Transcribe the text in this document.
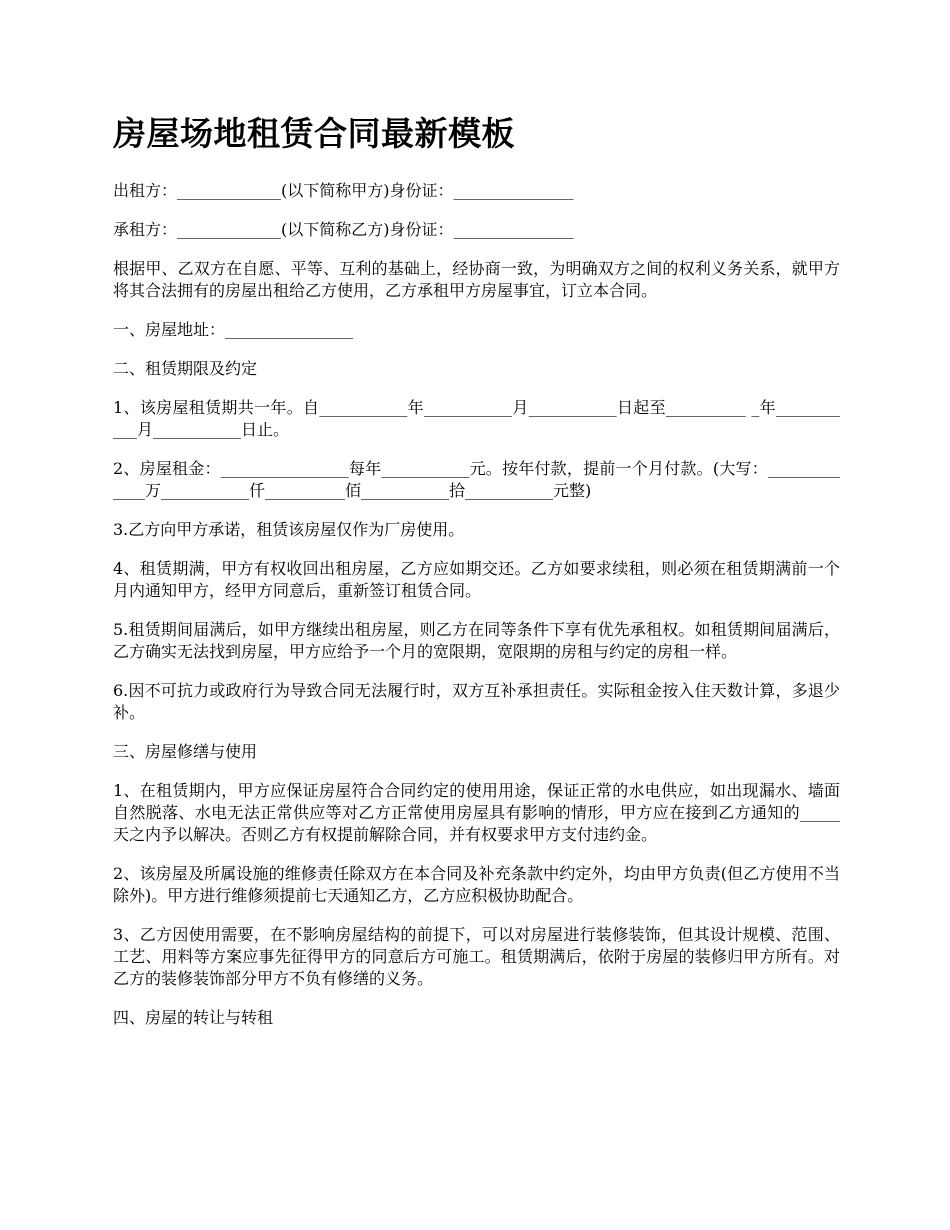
房屋场地租赁合同最新模板

出租方：_____________(以下简称甲方)身份证：_______________

承租方：_____________(以下简称乙方)身份证：_______________

根据甲、乙双方在自愿、平等、互利的基础上，经协商一致，为明确双方之间的权利义务关系，就甲方将其合法拥有的房屋出租给乙方使用，乙方承租甲方房屋事宜，订立本合同。

一、房屋地址：________________

二、租赁期限及约定

1、该房屋租赁期共一年。自___________年___________月___________日起至__________ _年___________月___________日止。

2、房屋租金：________________每年___________元。按年付款，提前一个月付款。(大写：_____________万___________仟__________佰___________拾___________元整)

3.乙方向甲方承诺，租赁该房屋仅作为厂房使用。

4、租赁期满，甲方有权收回出租房屋，乙方应如期交还。乙方如要求续租，则必须在租赁期满前一个月内通知甲方，经甲方同意后，重新签订租赁合同。

5.租赁期间届满后，如甲方继续出租房屋，则乙方在同等条件下享有优先承租权。如租赁期间届满后，乙方确实无法找到房屋，甲方应给予一个月的宽限期，宽限期的房租与约定的房租一样。

6.因不可抗力或政府行为导致合同无法履行时，双方互补承担责任。实际租金按入住天数计算，多退少补。

三、房屋修缮与使用

1、在租赁期内，甲方应保证房屋符合合同约定的使用用途，保证正常的水电供应，如出现漏水、墙面自然脱落、水电无法正常供应等对乙方正常使用房屋具有影响的情形，甲方应在接到乙方通知的_____天之内予以解决。否则乙方有权提前解除合同，并有权要求甲方支付违约金。

2、该房屋及所属设施的维修责任除双方在本合同及补充条款中约定外，均由甲方负责(但乙方使用不当除外)。甲方进行维修须提前七天通知乙方，乙方应积极协助配合。

3、乙方因使用需要，在不影响房屋结构的前提下，可以对房屋进行装修装饰，但其设计规模、范围、工艺、用料等方案应事先征得甲方的同意后方可施工。租赁期满后，依附于房屋的装修归甲方所有。对乙方的装修装饰部分甲方不负有修缮的义务。

四、房屋的转让与转租
